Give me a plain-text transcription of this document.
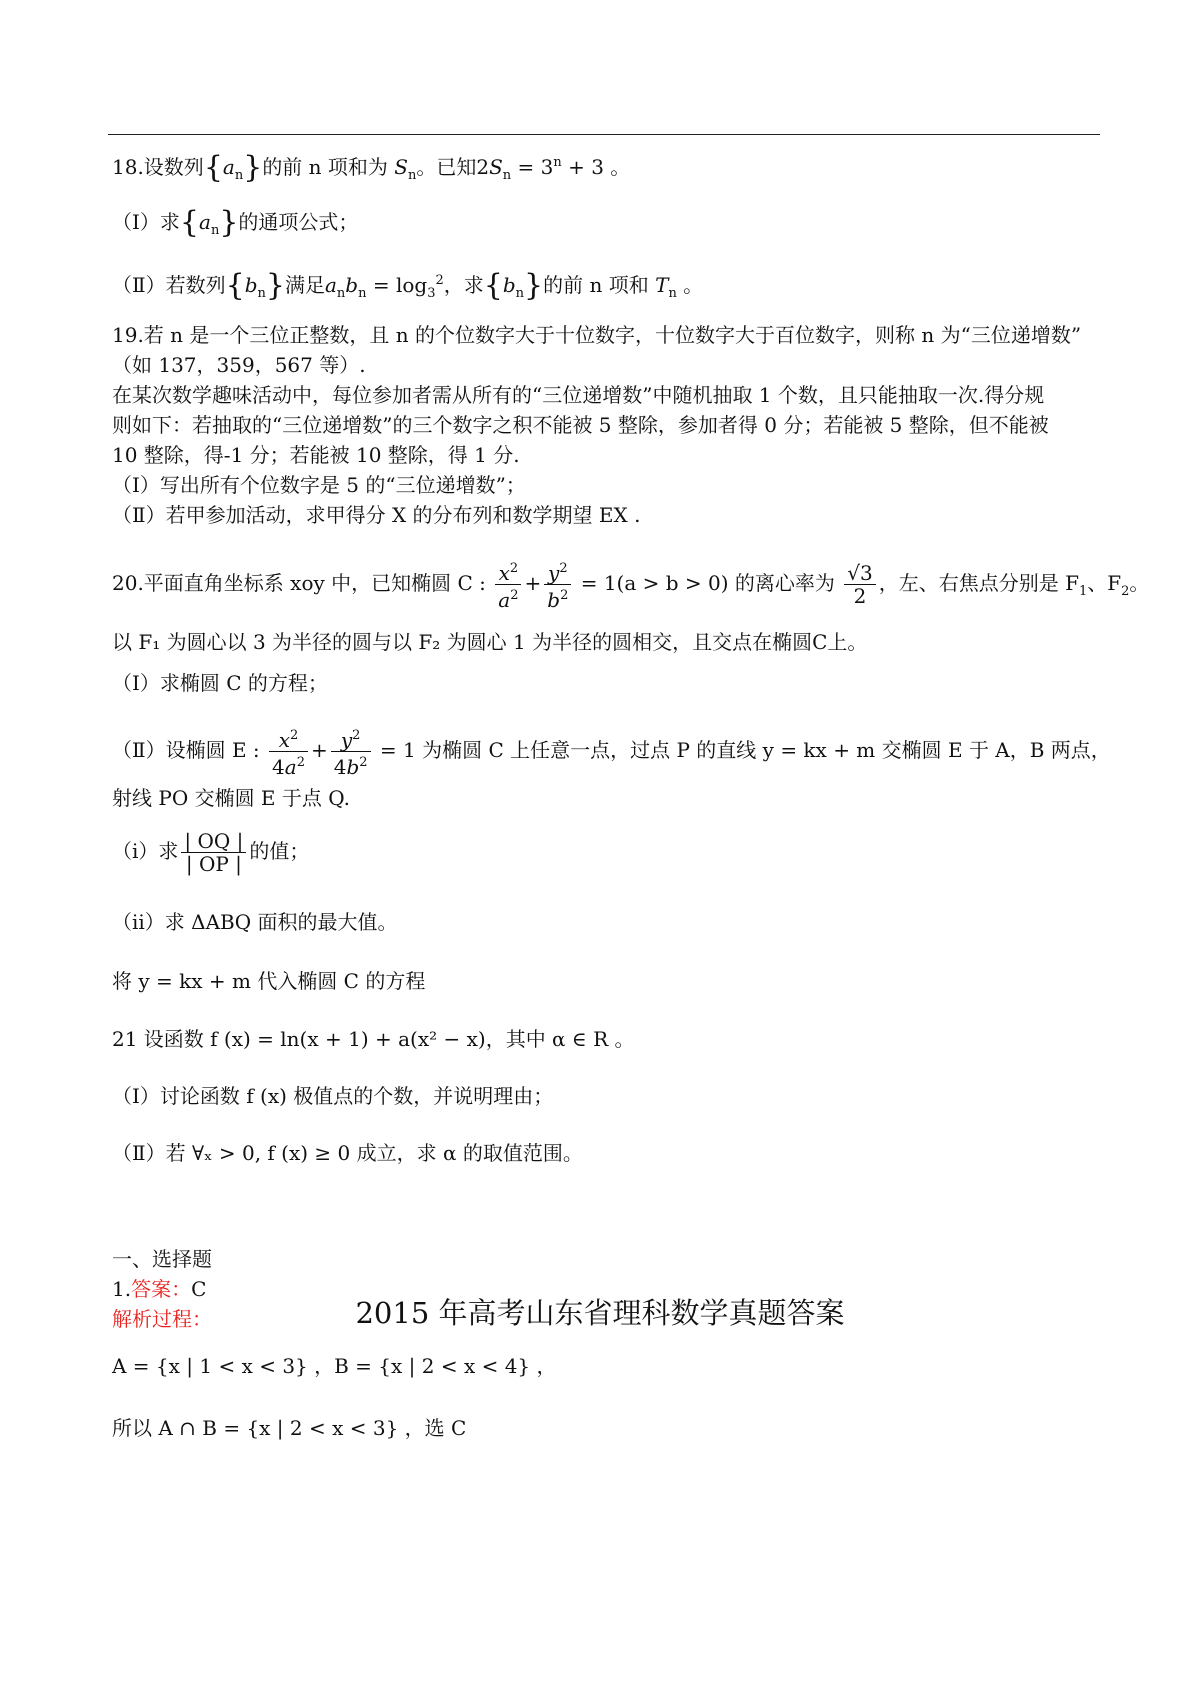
18.设数列$\{a_n\}$的前 n 项和为 $S_n$。已知$2S_n = 3^n + 3$ 。
（Ⅰ）求$\{a_n\}$的通项公式；
（Ⅱ）若数列$\{b_n\}$满足$a_nb_n = \log_3^2$，求$\{b_n\}$的前 n 项和 $T_n$ 。
19.若 n 是一个三位正整数，且 n 的个位数字大于十位数字，十位数字大于百位数字，则称 n 为“三位递增数”
（如 137，359，567 等）.
在某次数学趣味活动中，每位参加者需从所有的“三位递增数”中随机抽取 1 个数，且只能抽取一次.得分规
则如下：若抽取的“三位递增数”的三个数字之积不能被 5 整除，参加者得 0 分；若能被 5 整除，但不能被
10 整除，得-1 分；若能被 10 整除，得 1 分.
（Ⅰ）写出所有个位数字是 5 的“三位递增数”；
（Ⅱ）若甲参加活动，求甲得分 X 的分布列和数学期望 EX .
20.平面直角坐标系 xoy 中，已知椭圆 C : $\frac{x^2}{a^2} + \frac{y^2}{b^2} = 1(a > b > 0)$ 的离心率为 $\frac{√3}{2}$ ，左、右焦点分别是 $F_1$、$F_2$。
以 F₁ 为圆心以 3 为半径的圆与以 F₂ 为圆心 1 为半径的圆相交，且交点在椭圆C上。
（Ⅰ）求椭圆 C 的方程；
（Ⅱ）设椭圆 E : $\frac{x^2}{4a^2} + \frac{y^2}{4b^2} = 1$ 为椭圆 C 上任意一点，过点 P 的直线 y = kx + m 交椭圆 E 于 A，B 两点，
射线 PO 交椭圆 E 于点 Q.
（i）求 $\frac{| OQ |}{| OP |}$ 的值；
（ii）求 ΔABQ 面积的最大值。
将 y = kx + m 代入椭圆 C 的方程
21 设函数 f (x) = ln(x + 1) + a(x² − x)，其中 α ∈ R 。
（Ⅰ）讨论函数 f (x) 极值点的个数，并说明理由；
（Ⅱ）若 ∀ₓ > 0, f (x) ≥ 0 成立，求 α 的取值范围。
2015 年高考山东省理科数学真题答案
一、选择题
1.答案：C
解析过程：
A = {x | 1 < x < 3} ，B = {x | 2 < x < 4} ，
所以 A ∩ B = {x | 2 < x < 3} ，选 C
